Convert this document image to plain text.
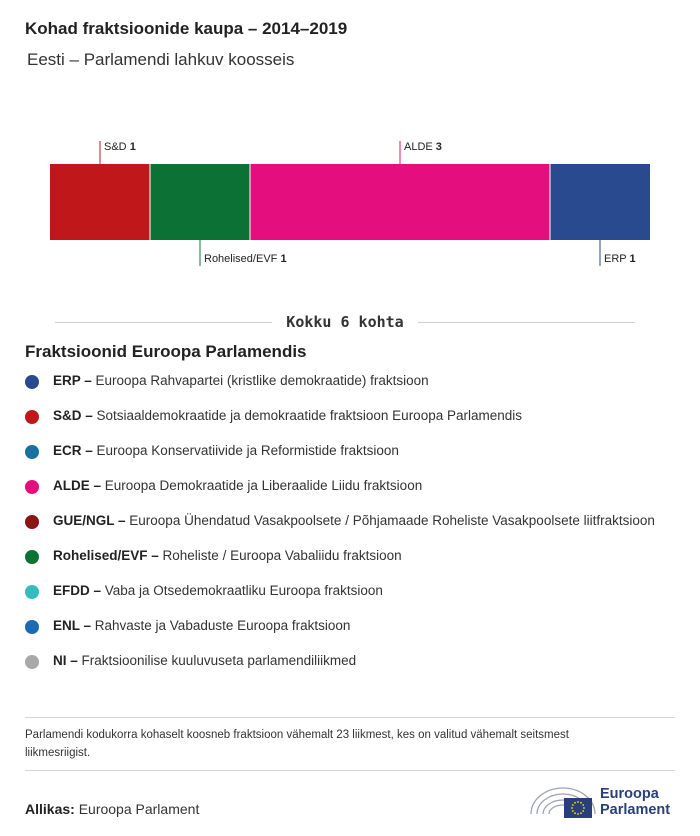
Kohad fraktsioonide kaupa – 2014–2019
Eesti – Parlamendi lahkuv koosseis
S&D 1
Rohelised/EVF 1
ALDE 3
ERP 1
Kokku 6 kohta
Fraktsioonid Euroopa Parlamendis
ERP – Euroopa Rahvapartei (kristlike demokraatide) fraktsioon
S&D – Sotsiaaldemokraatide ja demokraatide fraktsioon Euroopa Parlamendis
ECR – Euroopa Konservatiivide ja Reformistide fraktsioon
ALDE – Euroopa Demokraatide ja Liberaalide Liidu fraktsioon
GUE/NGL – Euroopa Ühendatud Vasakpoolsete / Põhjamaade Roheliste Vasakpoolsete liitfraktsioon
Rohelised/EVF – Roheliste / Euroopa Vabaliidu fraktsioon
EFDD – Vaba ja Otsedemokraatliku Euroopa fraktsioon
ENL – Rahvaste ja Vabaduste Euroopa fraktsioon
NI – Fraktsioonilise kuuluvuseta parlamendiliikmed
Parlamendi kodukorra kohaselt koosneb fraktsioon vähemalt 23 liikmest, kes on valitud vähemalt seitsmest liikmesriigist.
Allikas: Euroopa Parlament
Euroopa
Parlament
